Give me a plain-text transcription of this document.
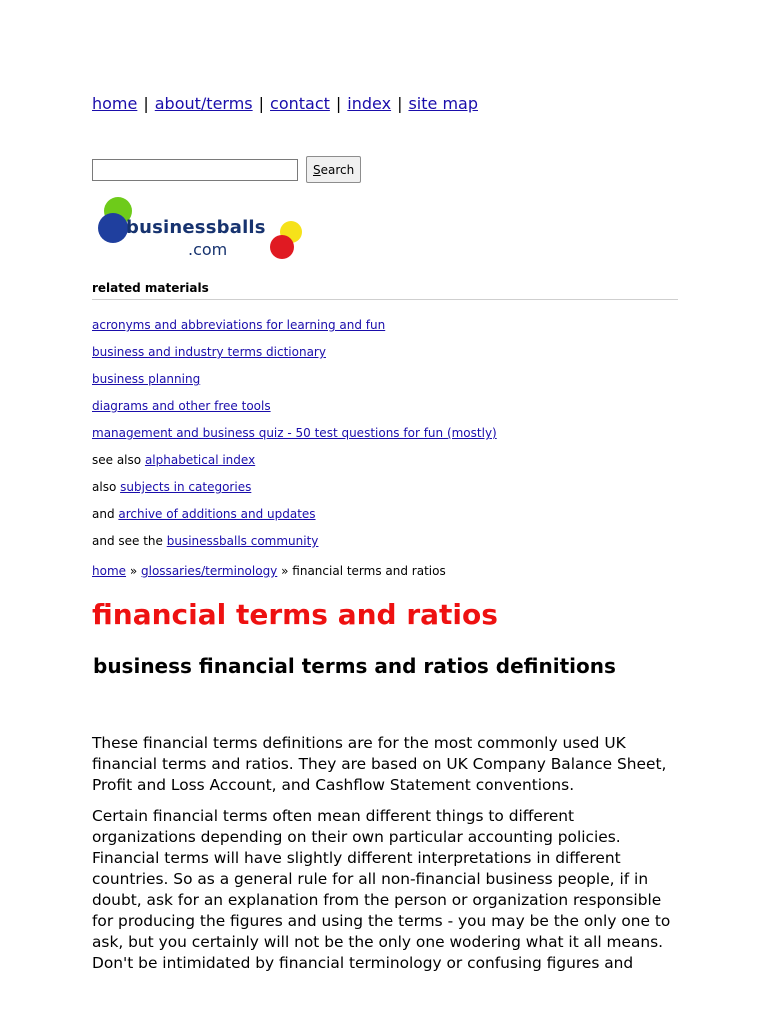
home | about/terms | contact | index | site map
Search
businessballs
.com
related materials
acronyms and abbreviations for learning and fun
business and industry terms dictionary
business planning
diagrams and other free tools
management and business quiz - 50 test questions for fun (mostly)
see also alphabetical index
also subjects in categories
and archive of additions and updates
and see the businessballs community
home » glossaries/terminology » financial terms and ratios
financial terms and ratios
business financial terms and ratios definitions

These financial terms definitions are for the most commonly used UK financial terms and ratios. They are based on UK Company Balance Sheet, Profit and Loss Account, and Cashflow Statement conventions.

Certain financial terms often mean different things to different organizations depending on their own particular accounting policies. Financial terms will have slightly different interpretations in different countries. So as a general rule for all non-financial business people, if in doubt, ask for an explanation from the person or organization responsible for producing the figures and using the terms - you may be the only one to ask, but you certainly will not be the only one wodering what it all means. Don't be intimidated by financial terminology or confusing figures and
